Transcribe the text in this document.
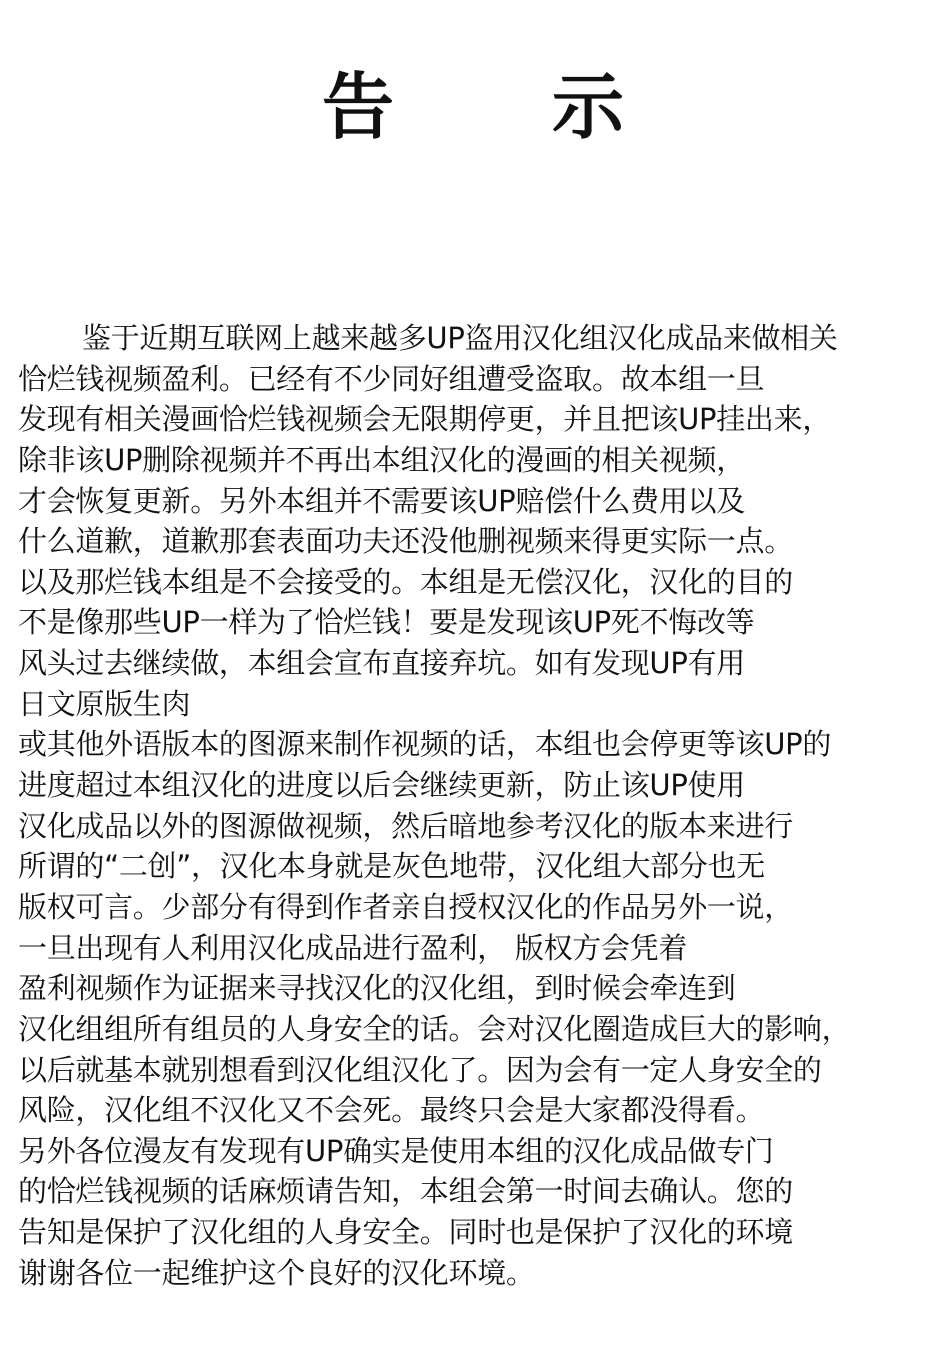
告 示
鉴于近期互联网上越来越多UP盗用汉化组汉化成品来做相关
恰烂钱视频盈利。已经有不少同好组遭受盗取。故本组一旦
发现有相关漫画恰烂钱视频会无限期停更，并且把该UP挂出来，
除非该UP删除视频并不再出本组汉化的漫画的相关视频，
才会恢复更新。另外本组并不需要该UP赔偿什么费用以及
什么道歉，道歉那套表面功夫还没他删视频来得更实际一点。
以及那烂钱本组是不会接受的。本组是无偿汉化，汉化的目的
不是像那些UP一样为了恰烂钱！要是发现该UP死不悔改等
风头过去继续做，本组会宣布直接弃坑。如有发现UP有用
日文原版生肉
或其他外语版本的图源来制作视频的话，本组也会停更等该UP的
进度超过本组汉化的进度以后会继续更新，防止该UP使用
汉化成品以外的图源做视频，然后暗地参考汉化的版本来进行
所谓的“二创”，汉化本身就是灰色地带，汉化组大部分也无
版权可言。少部分有得到作者亲自授权汉化的作品另外一说，
一旦出现有人利用汉化成品进行盈利， 版权方会凭着
盈利视频作为证据来寻找汉化的汉化组，到时候会牵连到
汉化组组所有组员的人身安全的话。会对汉化圈造成巨大的影响，
以后就基本就别想看到汉化组汉化了。因为会有一定人身安全的
风险，汉化组不汉化又不会死。最终只会是大家都没得看。
另外各位漫友有发现有UP确实是使用本组的汉化成品做专门
的恰烂钱视频的话麻烦请告知，本组会第一时间去确认。您的
告知是保护了汉化组的人身安全。同时也是保护了汉化的环境
谢谢各位一起维护这个良好的汉化环境。
